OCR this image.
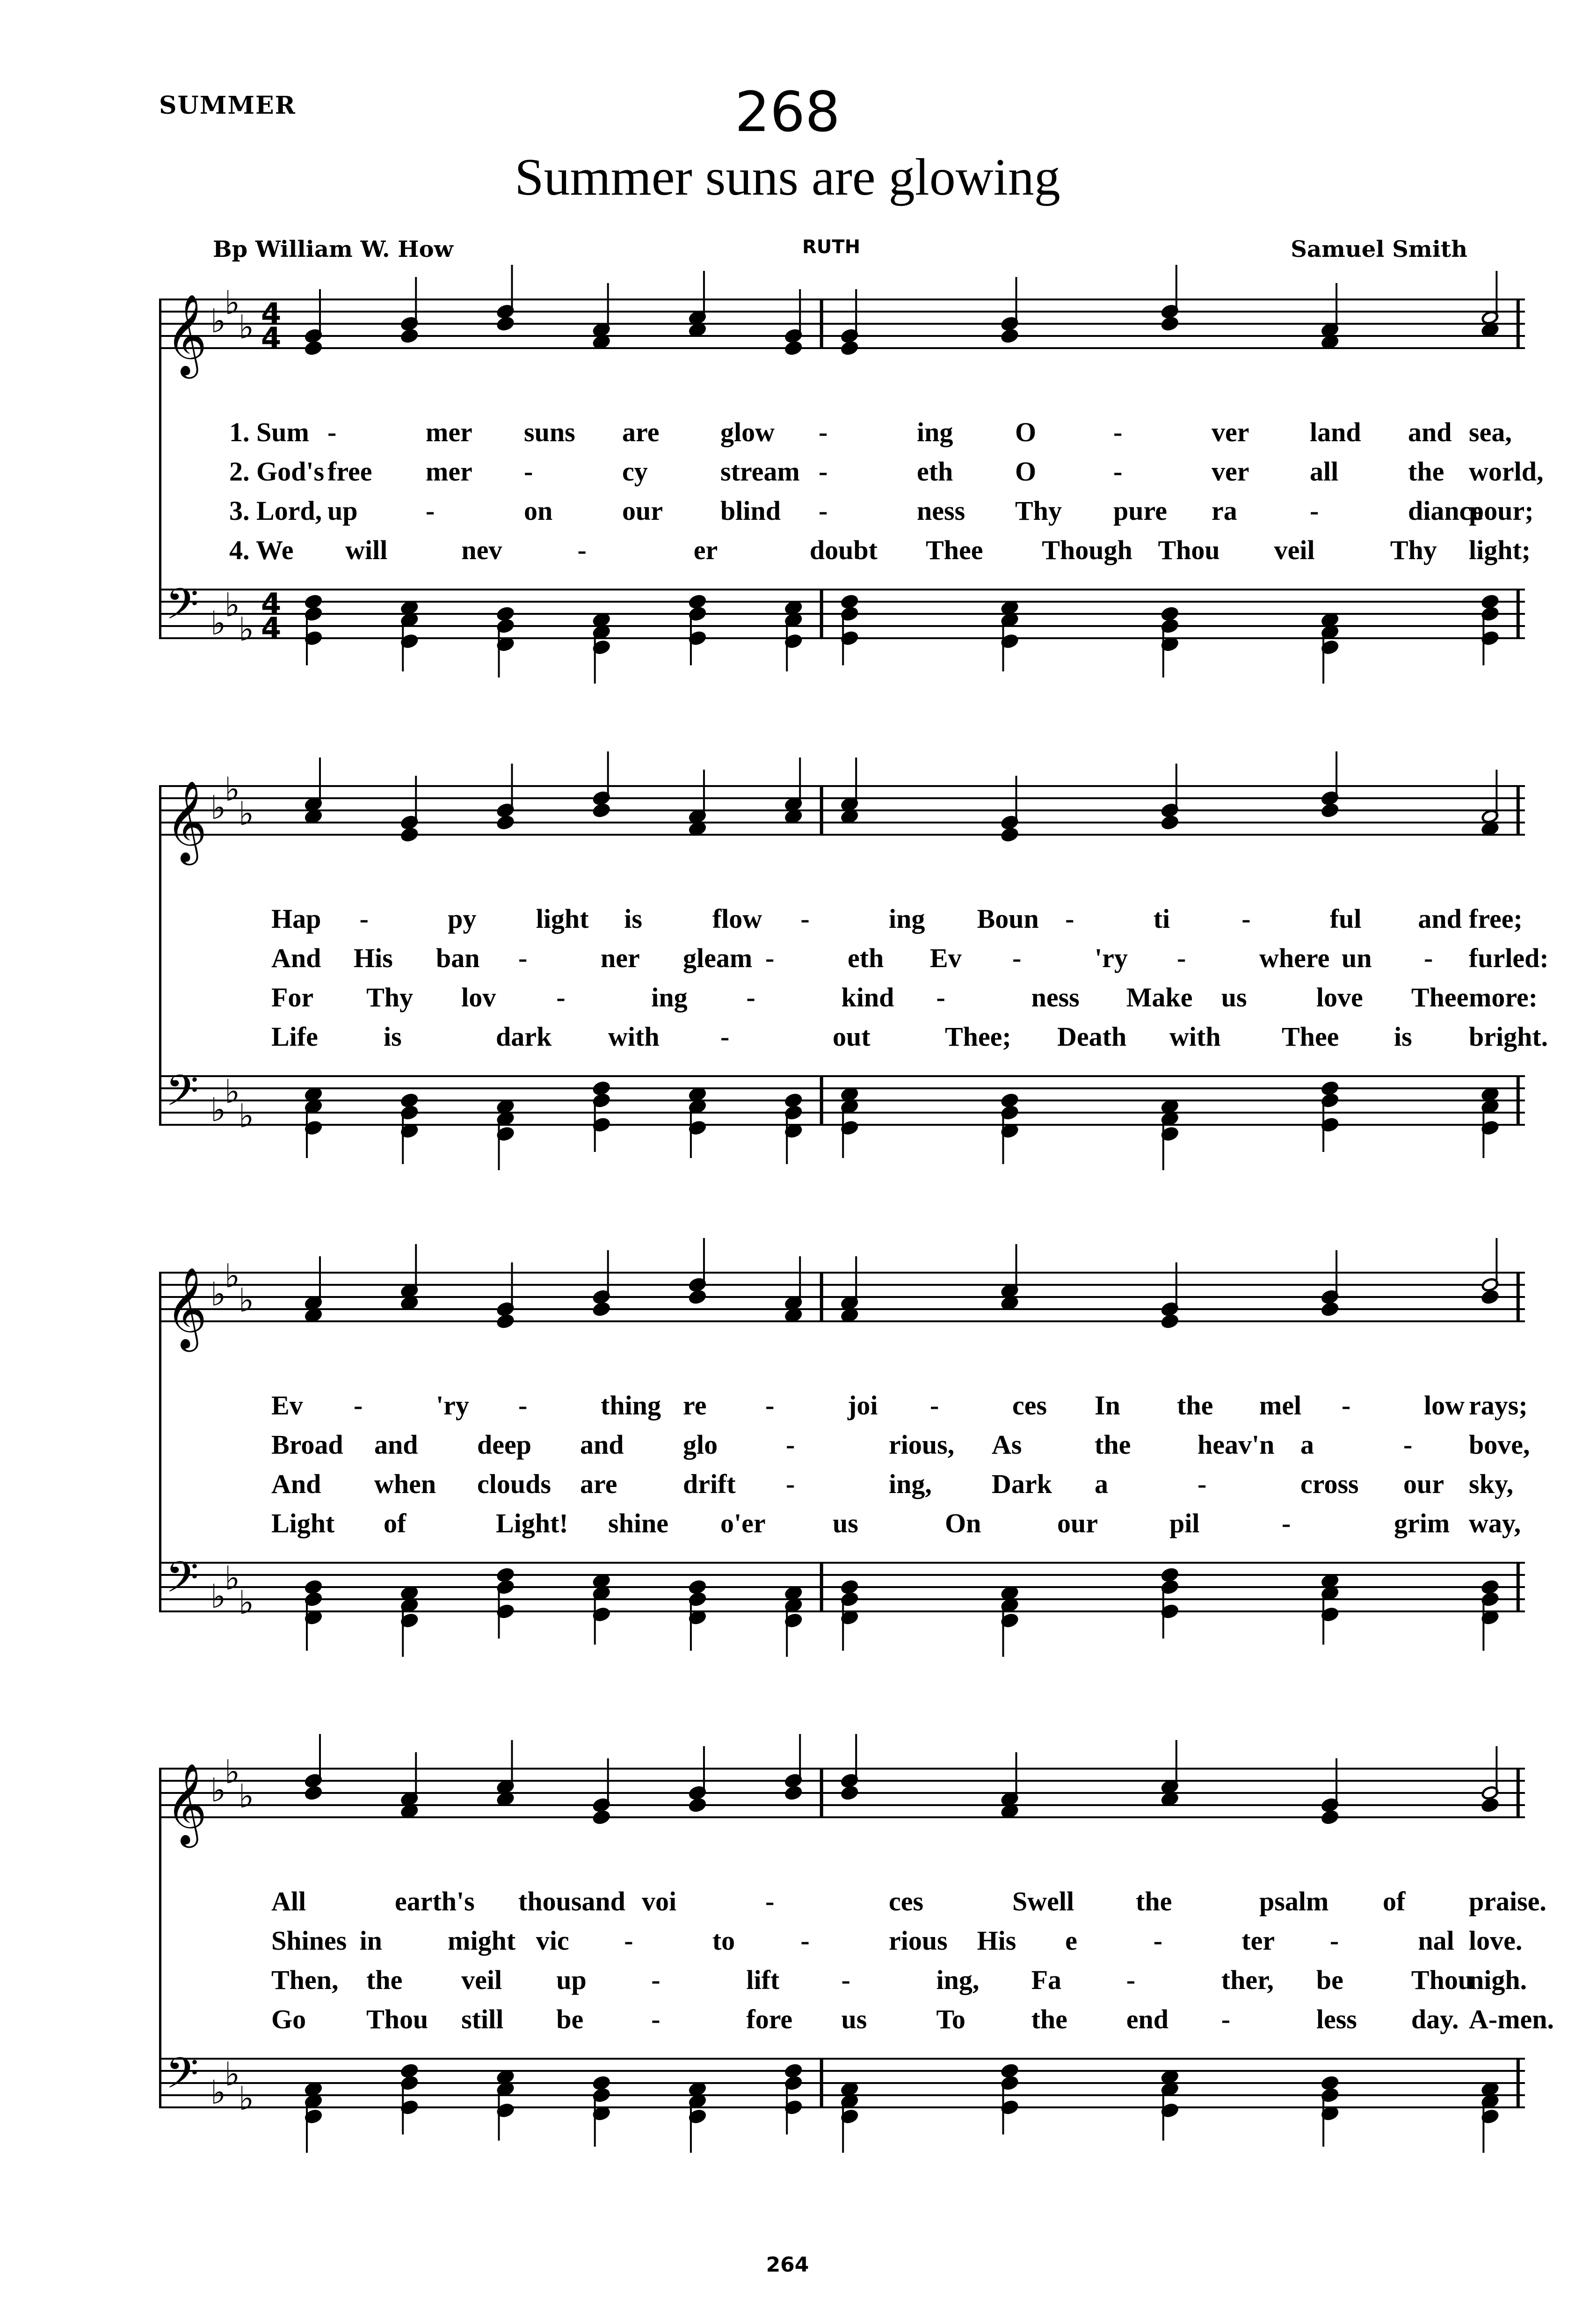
SUMMER	268
Summer suns are glowing
Bp William W. How	RUTH	Samuel Smith
𝄞
𝄢
♭
♭
♭
♭
♭
♭
4
4
4
4
1. Sum -	mer suns are glow -	ing O	-	ver land and sea,
2. God's free mer -	cy	stream -	eth O	-	ver all	the world,
3. Lord, up	-	on	our blind -	ness Thy pure ra	-	diance
pour;
4. We will	nev	-	er	doubt Thee Though Thou veil	Thy light;
𝄞
𝄢
♭
♭
♭
♭
♭
♭
Hap -	py light is	flow -	ing Boun -	ti	-	ful and free;
And His ban -	ner gleam -	eth Ev -	'ry -	where un - furled:
For Thy lov -	ing -	kind -	ness Make us	love Thee more:
Life is	dark with -	out	Thee; Death with Thee is bright.
𝄞
𝄢
♭
♭
♭
♭
♭
♭
Ev -	'ry -	thing re -	joi -	ces In the mel -	low rays;
Broad and deep and glo	-	rious, As	the heav'n a	- bove,
And when clouds are drift -	ing, Dark a	-	cross our sky,
Light of	Light! shine o'er us	On	our	pil	-	grim way,
𝄞
𝄢
♭
♭
♭
♭
♭
♭
All	earth's thousand voi	-	ces	Swell the	psalm of praise.
Shines in might vic -	to -	rious His e	-	ter -	nal love.
Then, the veil up -	lift -	ing, Fa -	ther, be	Thou
nigh.
Go Thou still be	-	fore us	To the end -	less day. A-men.
264
